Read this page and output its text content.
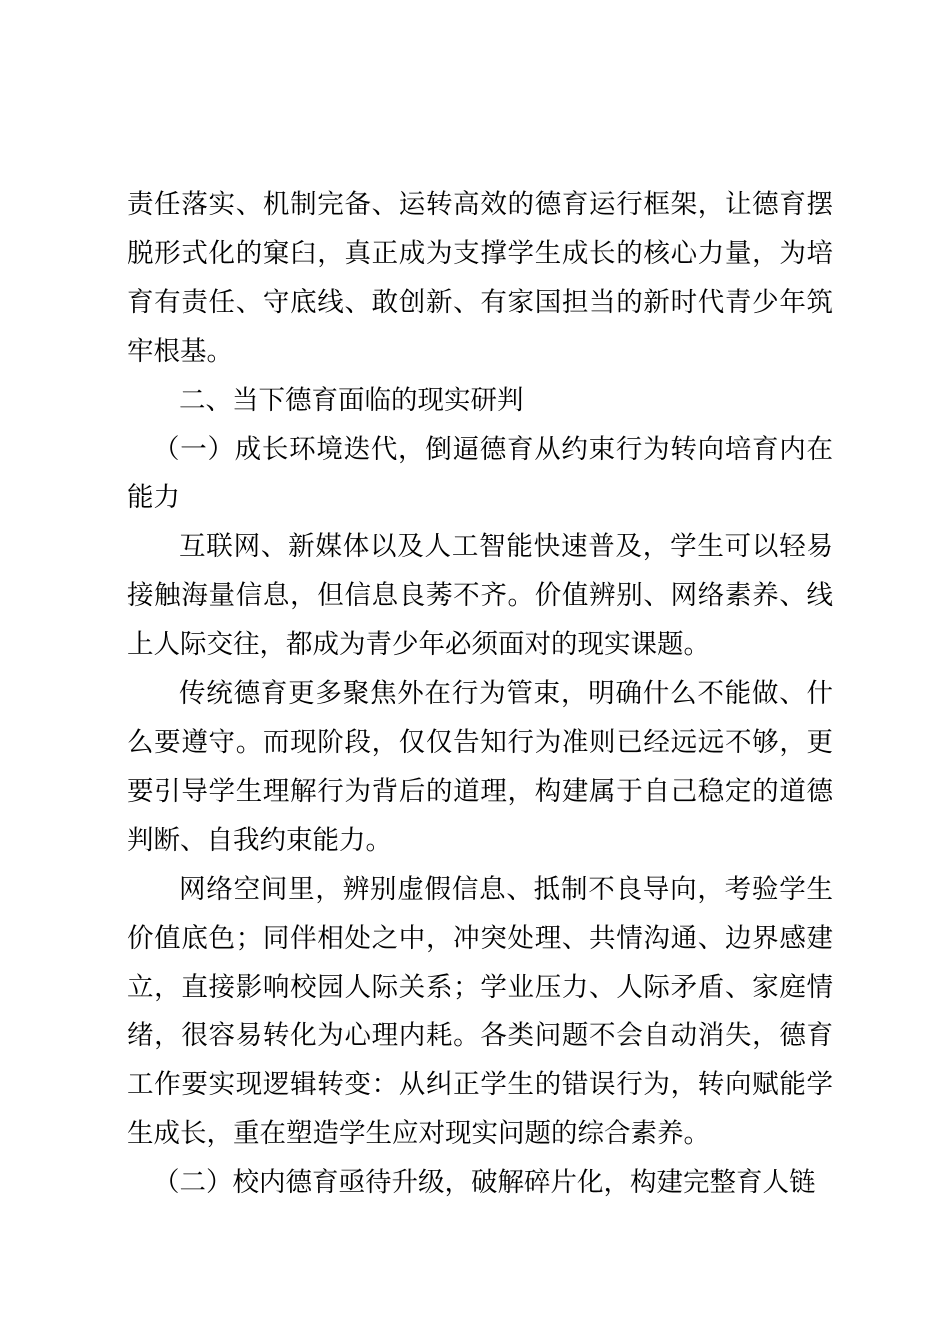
责任落实、机制完备、运转高效的德育运行框架，让德育摆脱形式化的窠臼，真正成为支撑学生成长的核心力量，为培育有责任、守底线、敢创新、有家国担当的新时代青少年筑牢根基。

二、当下德育面临的现实研判

（一）成长环境迭代，倒逼德育从约束行为转向培育内在能力

互联网、新媒体以及人工智能快速普及，学生可以轻易接触海量信息，但信息良莠不齐。价值辨别、网络素养、线上人际交往，都成为青少年必须面对的现实课题。

传统德育更多聚焦外在行为管束，明确什么不能做、什么要遵守。而现阶段，仅仅告知行为准则已经远远不够，更要引导学生理解行为背后的道理，构建属于自己稳定的道德判断、自我约束能力。

网络空间里，辨别虚假信息、抵制不良导向，考验学生价值底色；同伴相处之中，冲突处理、共情沟通、边界感建立，直接影响校园人际关系；学业压力、人际矛盾、家庭情绪，很容易转化为心理内耗。各类问题不会自动消失，德育工作要实现逻辑转变：从纠正学生的错误行为，转向赋能学生成长，重在塑造学生应对现实问题的综合素养。

（二）校内德育亟待升级，破解碎片化，构建完整育人链
